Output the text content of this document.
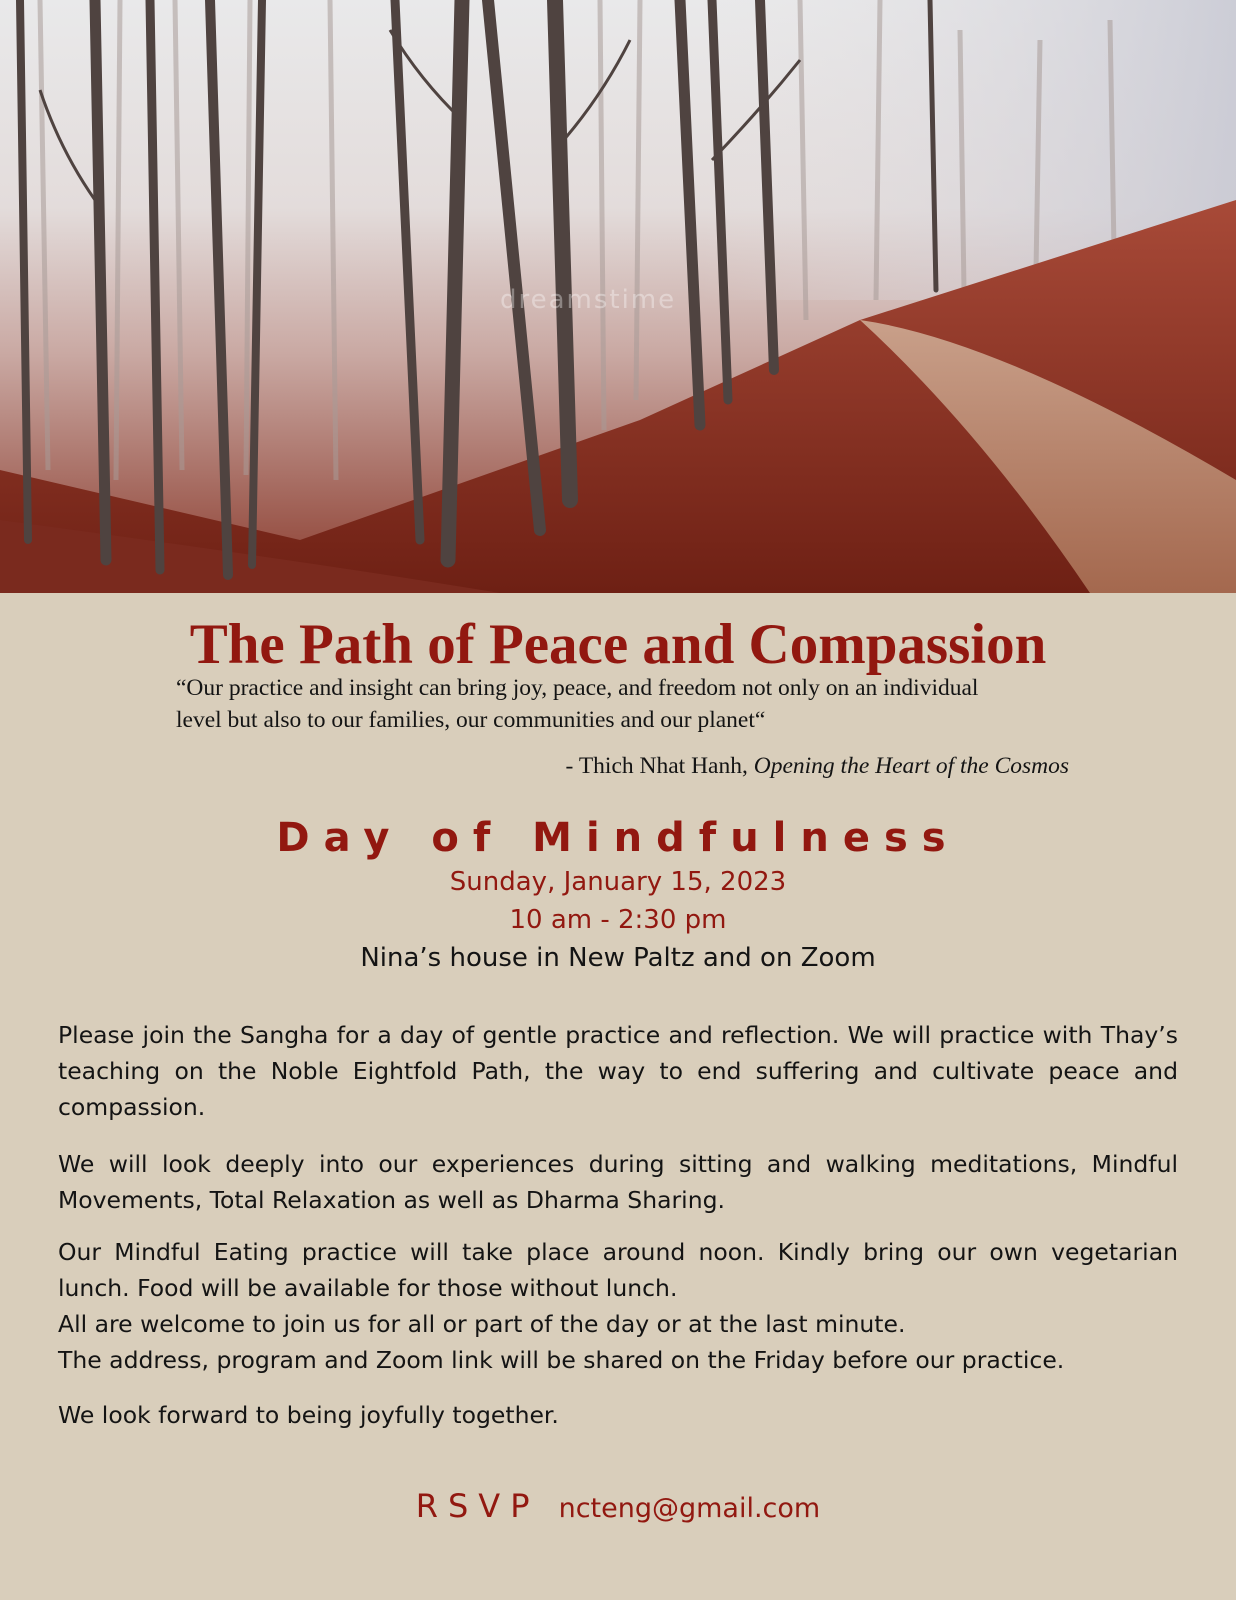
dreamstime
The Path of Peace and Compassion

“Our practice and insight can bring joy, peace, and freedom not only on an individual
level but also to our families, our communities and our planet“

- Thich Nhat Hanh, Opening the Heart of the Cosmos

Day of Mindfulness

Sunday, January 15, 2023

10 am - 2:30 pm

Nina’s house in New Paltz and on Zoom

Please join the Sangha for a day of gentle practice and reflection. We will practice with Thay’s teaching on the Noble Eightfold Path, the way to end suffering and cultivate peace and compassion.

We will look deeply into our experiences during sitting and walking meditations, Mindful Movements, Total Relaxation as well as Dharma Sharing.

Our Mindful Eating practice will take place around noon. Kindly bring our own vegetarian lunch. Food will be available for those without lunch.

All are welcome to join us for all or part of the day or at the last minute.

The address, program and Zoom link will be shared on the Friday before our practice.

We look forward to being joyfully together.

RSVP ncteng@gmail.com
